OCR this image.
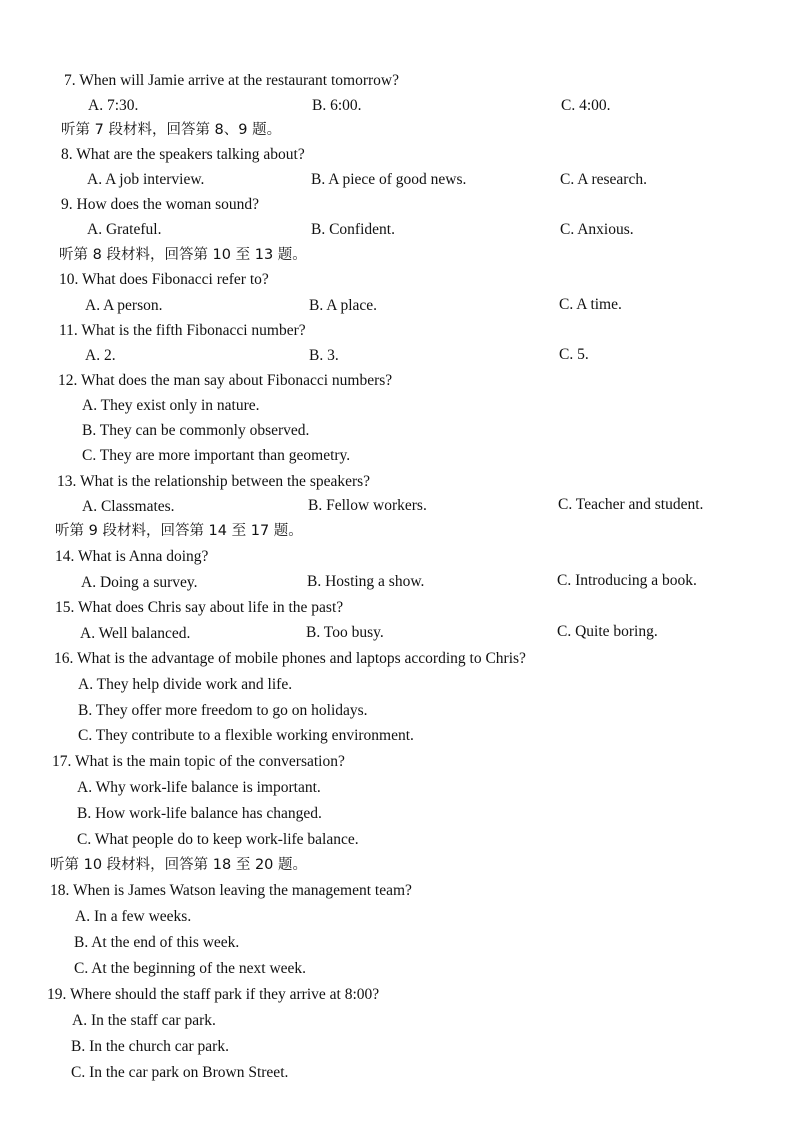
7. When will Jamie arrive at the restaurant tomorrow?
A. 7:30.	B. 6:00.	C. 4:00.
听第 7 段材料，回答第 8、9 题。
8. What are the speakers talking about?
A. A job interview.	B. A piece of good news.	C. A research.
9. How does the woman sound?
A. Grateful.	B. Confident.	C. Anxious.
听第 8 段材料，回答第 10 至 13 题。
10. What does Fibonacci refer to?
A. A person.	B. A place.	C. A time.
11. What is the fifth Fibonacci number?
A. 2.	B. 3.	C. 5.
12. What does the man say about Fibonacci numbers?
A. They exist only in nature.
B. They can be commonly observed.
C. They are more important than geometry.
13. What is the relationship between the speakers?
A. Classmates.	B. Fellow workers.	C. Teacher and student.
听第 9 段材料，回答第 14 至 17 题。
14. What is Anna doing?
A. Doing a survey.	B. Hosting a show.	C. Introducing a book.
15. What does Chris say about life in the past?
A. Well balanced.	B. Too busy.	C. Quite boring.
16. What is the advantage of mobile phones and laptops according to Chris?
A. They help divide work and life.
B. They offer more freedom to go on holidays.
C. They contribute to a flexible working environment.
17. What is the main topic of the conversation?
A. Why work-life balance is important.
B. How work-life balance has changed.
C. What people do to keep work-life balance.
听第 10 段材料，回答第 18 至 20 题。
18. When is James Watson leaving the management team?
A. In a few weeks.
B. At the end of this week.
C. At the beginning of the next week.
19. Where should the staff park if they arrive at 8:00?
A. In the staff car park.
B. In the church car park.
C. In the car park on Brown Street.
